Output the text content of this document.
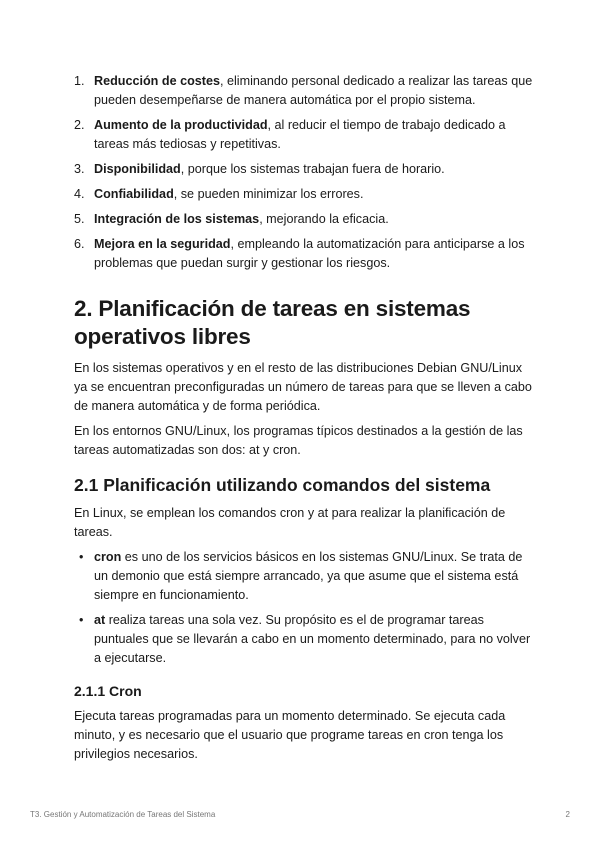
1. Reducción de costes, eliminando personal dedicado a realizar las tareas que pueden desempeñarse de manera automática por el propio sistema.
2. Aumento de la productividad, al reducir el tiempo de trabajo dedicado a tareas más tediosas y repetitivas.
3. Disponibilidad, porque los sistemas trabajan fuera de horario.
4. Confiabilidad, se pueden minimizar los errores.
5. Integración de los sistemas, mejorando la eficacia.
6. Mejora en la seguridad, empleando la automatización para anticiparse a los problemas que puedan surgir y gestionar los riesgos.
2. Planificación de tareas en sistemas operativos libres

En los sistemas operativos y en el resto de las distribuciones Debian GNU/Linux ya se encuentran preconfiguradas un número de tareas para que se lleven a cabo de manera automática y de forma periódica.

En los entornos GNU/Linux, los programas típicos destinados a la gestión de las tareas automatizadas son dos: at y cron.

2.1 Planificación utilizando comandos del sistema

En Linux, se emplean los comandos cron y at para realizar la planificación de tareas.

• cron es uno de los servicios básicos en los sistemas GNU/Linux. Se trata de un demonio que está siempre arrancado, ya que asume que el sistema está siempre en funcionamiento.
• at realiza tareas una sola vez. Su propósito es el de programar tareas puntuales que se llevarán a cabo en un momento determinado, para no volver a ejecutarse.
2.1.1 Cron

Ejecuta tareas programadas para un momento determinado. Se ejecuta cada minuto, y es necesario que el usuario que programe tareas en cron tenga los privilegios necesarios.

T3. Gestión y Automatización de Tareas del Sistema	2
